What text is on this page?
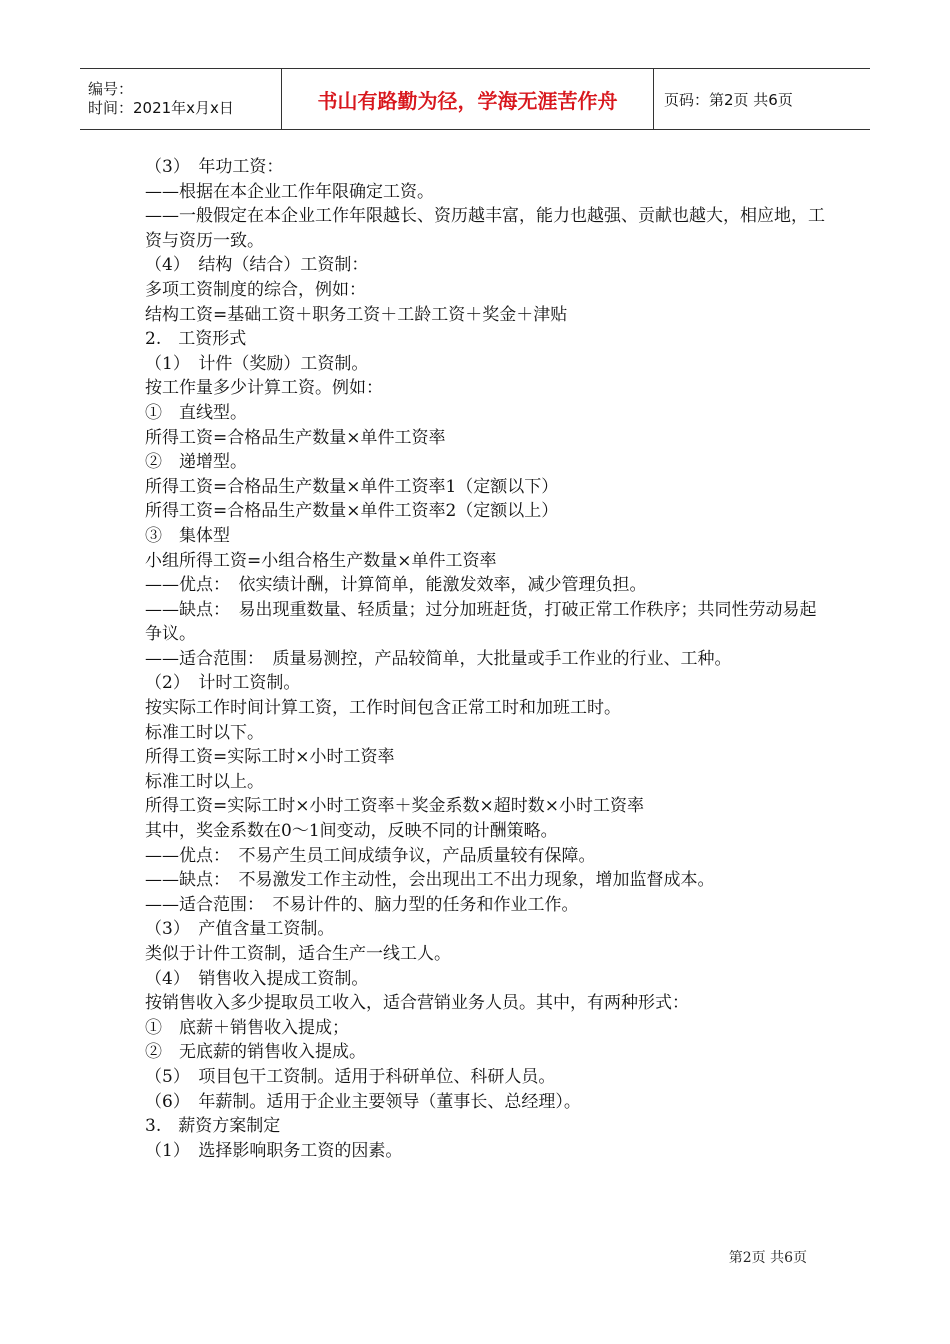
编号：
时间：2021年x月x日	书山有路勤为径，学海无涯苦作舟	页码：第2页 共6页
（3）　年功工资：
——根据在本企业工作年限确定工资。
——一般假定在本企业工作年限越长、资历越丰富，能力也越强、贡献也越大，相应地，工资与资历一致。
（4）　结构（结合）工资制：
多项工资制度的综合，例如：
结构工资=基础工资＋职务工资＋工龄工资＋奖金＋津贴
2.　工资形式
（1）　计件（奖励）工资制。
按工作量多少计算工资。例如：
①　直线型。
所得工资=合格品生产数量×单件工资率
②　递增型。
所得工资=合格品生产数量×单件工资率1（定额以下）
所得工资=合格品生产数量×单件工资率2（定额以上）
③　集体型
小组所得工资=小组合格生产数量×单件工资率
——优点：　依实绩计酬，计算简单，能激发效率，减少管理负担。
——缺点：　易出现重数量、轻质量；过分加班赶货，打破正常工作秩序；共同性劳动易起争议。
——适合范围：　质量易测控，产品较简单，大批量或手工作业的行业、工种。
（2）　计时工资制。
按实际工作时间计算工资，工作时间包含正常工时和加班工时。
标准工时以下。
所得工资=实际工时×小时工资率
标准工时以上。
所得工资=实际工时×小时工资率＋奖金系数×超时数×小时工资率
其中，奖金系数在0～1间变动，反映不同的计酬策略。
——优点：　不易产生员工间成绩争议，产品质量较有保障。
——缺点：　不易激发工作主动性，会出现出工不出力现象，增加监督成本。
——适合范围：　不易计件的、脑力型的任务和作业工作。
（3）　产值含量工资制。
类似于计件工资制，适合生产一线工人。
（4）　销售收入提成工资制。
按销售收入多少提取员工收入，适合营销业务人员。其中，有两种形式：
①　底薪＋销售收入提成；
②　无底薪的销售收入提成。
（5）　项目包干工资制。适用于科研单位、科研人员。
（6）　年薪制。适用于企业主要领导（董事长、总经理）。
3.　薪资方案制定
（1）　选择影响职务工资的因素。
第2页 共6页
